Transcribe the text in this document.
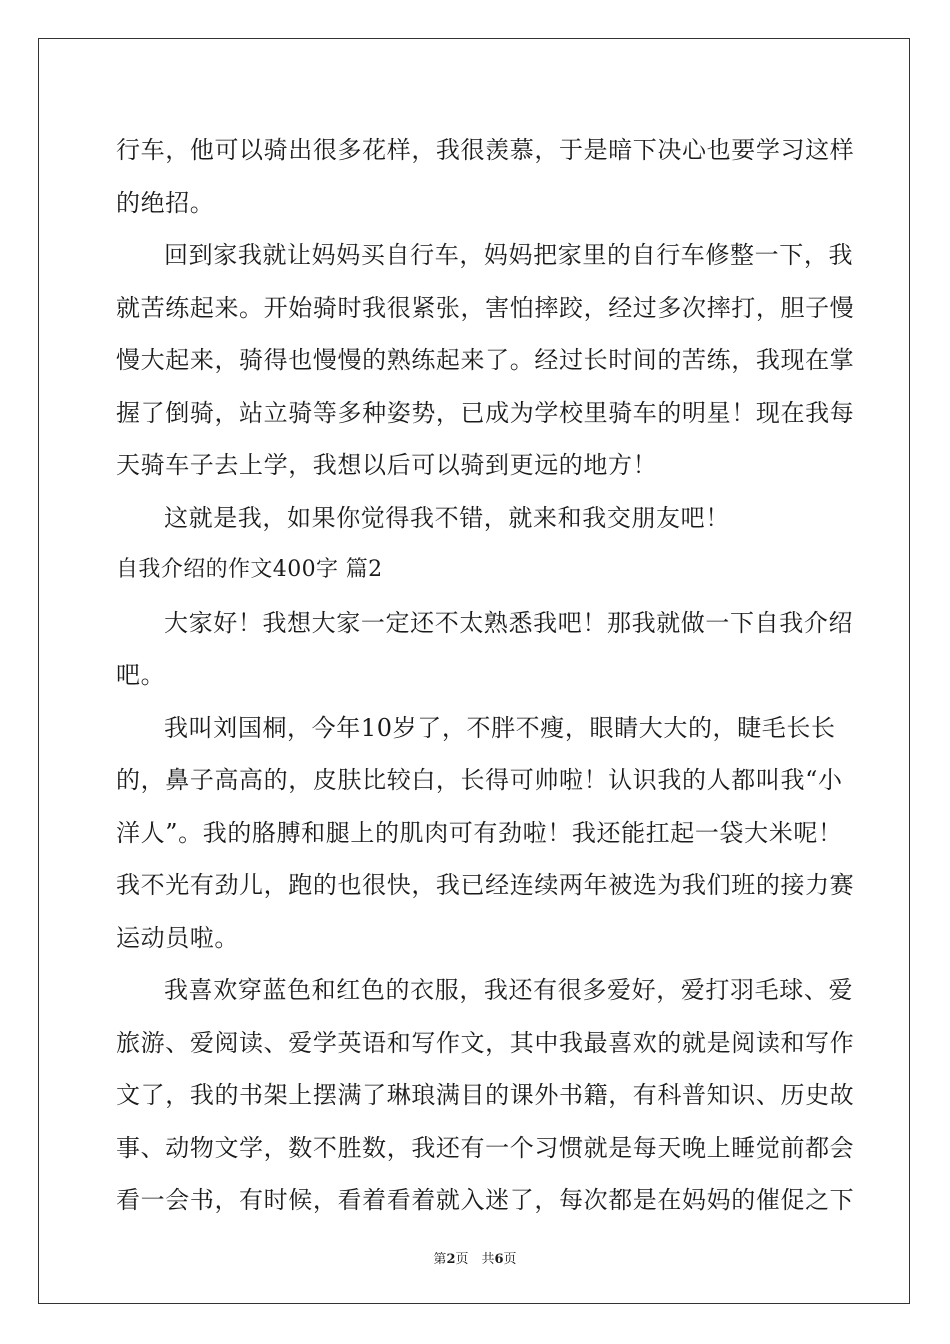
行 车 ， 他 可 以 骑 出 很 多 花 样 ， 我 很 羡 慕 ， 于 是 暗 下 决 心 也 要 学 习 这 样
的绝招。
回 到 家 我 就 让 妈 妈 买 自 行 车 ， 妈 妈 把 家 里 的 自 行 车 修 整 一 下 ， 我
就 苦 练 起 来 。 开 始 骑 时 我 很 紧 张 ， 害 怕 摔 跤 ， 经 过 多 次 摔 打 ， 胆 子 慢
慢 大 起 来 ， 骑 得 也 慢 慢 的 熟 练 起 来 了 。 经 过 长 时 间 的 苦 练 ， 我 现 在 掌
握 了 倒 骑 ， 站 立 骑 等 多 种 姿 势 ， 已 成 为 学 校 里 骑 车 的 明 星 ！ 现 在 我 每
天骑车子去上学，我想以后可以骑到更远的地方！
这就是我，如果你觉得我不错，就来和我交朋友吧！
自我介绍的作文400字 篇2
大 家 好 ！ 我 想 大 家 一 定 还 不 太 熟 悉 我 吧 ！ 那 我 就 做 一 下 自 我 介 绍
吧。
我 叫 刘 国 桐 ， 今 年 1 0 岁 了 ， 不 胖 不 瘦 ， 眼 睛 大 大 的 ， 睫 毛 长 长
的 ， 鼻 子 高 高 的 ， 皮 肤 比 较 白 ， 长 得 可 帅 啦 ！ 认 识 我 的 人 都 叫 我 “ 小
洋 人 ” 。 我 的 胳 膊 和 腿 上 的 肌 肉 可 有 劲 啦 ！ 我 还 能 扛 起 一 袋 大 米 呢 ！
我 不 光 有 劲 儿 ， 跑 的 也 很 快 ， 我 已 经 连 续 两 年 被 选 为 我 们 班 的 接 力 赛
运动员啦。
我 喜 欢 穿 蓝 色 和 红 色 的 衣 服 ， 我 还 有 很 多 爱 好 ， 爱 打 羽 毛 球 、 爱
旅 游 、 爱 阅 读 、 爱 学 英 语 和 写 作 文 ， 其 中 我 最 喜 欢 的 就 是 阅 读 和 写 作
文 了 ， 我 的 书 架 上 摆 满 了 琳 琅 满 目 的 课 外 书 籍 ， 有 科 普 知 识 、 历 史 故
事 、 动 物 文 学 ， 数 不 胜 数 ， 我 还 有 一 个 习 惯 就 是 每 天 晚 上 睡 觉 前 都 会
看 一 会 书 ， 有 时 候 ， 看 着 看 着 就 入 迷 了 ， 每 次 都 是 在 妈 妈 的 催 促 之 下
第2页　共6页
